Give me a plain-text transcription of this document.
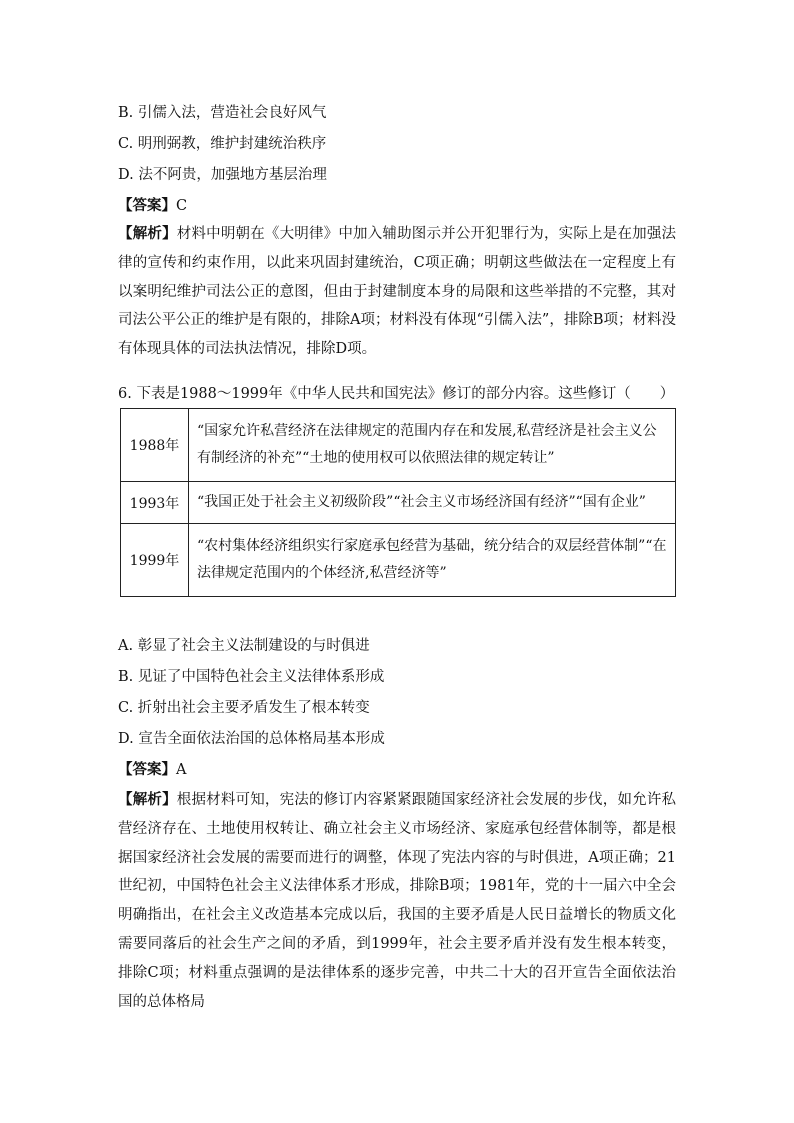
B. 引儒入法，营造社会良好风气
C. 明刑弼教，维护封建统治秩序
D. 法不阿贵，加强地方基层治理
【答案】C
【解析】材料中明朝在《大明律》中加入辅助图示并公开犯罪行为，实际上是在加强法律的宣传和约束作用，以此来巩固封建统治，C项正确；明朝这些做法在一定程度上有以案明纪维护司法公正的意图，但由于封建制度本身的局限和这些举措的不完整，其对司法公平公正的维护是有限的，排除A项；材料没有体现“引儒入法”，排除B项；材料没有体现具体的司法执法情况，排除D项。
6. 下表是1988～1999年《中华人民共和国宪法》修订的部分内容。这些修订（　　）
1988年	“国家允许私营经济在法律规定的范围内存在和发展,私营经济是社会主义公有制经济的补充”“土地的使用权可以依照法律的规定转让”
1993年	“我国正处于社会主义初级阶段”“社会主义市场经济国有经济”“国有企业”
1999年	“农村集体经济组织实行家庭承包经营为基础，统分结合的双层经营体制”“在法律规定范围内的个体经济,私营经济等”
A. 彰显了社会主义法制建设的与时俱进
B. 见证了中国特色社会主义法律体系形成
C. 折射出社会主要矛盾发生了根本转变
D. 宣告全面依法治国的总体格局基本形成
【答案】A
【解析】根据材料可知，宪法的修订内容紧紧跟随国家经济社会发展的步伐，如允许私营经济存在、土地使用权转让、确立社会主义市场经济、家庭承包经营体制等，都是根据国家经济社会发展的需要而进行的调整，体现了宪法内容的与时俱进，A项正确；21世纪初，中国特色社会主义法律体系才形成，排除B项；1981年，党的十一届六中全会明确指出，在社会主义改造基本完成以后，我国的主要矛盾是人民日益增长的物质文化需要同落后的社会生产之间的矛盾，到1999年，社会主要矛盾并没有发生根本转变，排除C项；材料重点强调的是法律体系的逐步完善，中共二十大的召开宣告全面依法治国的总体格局
